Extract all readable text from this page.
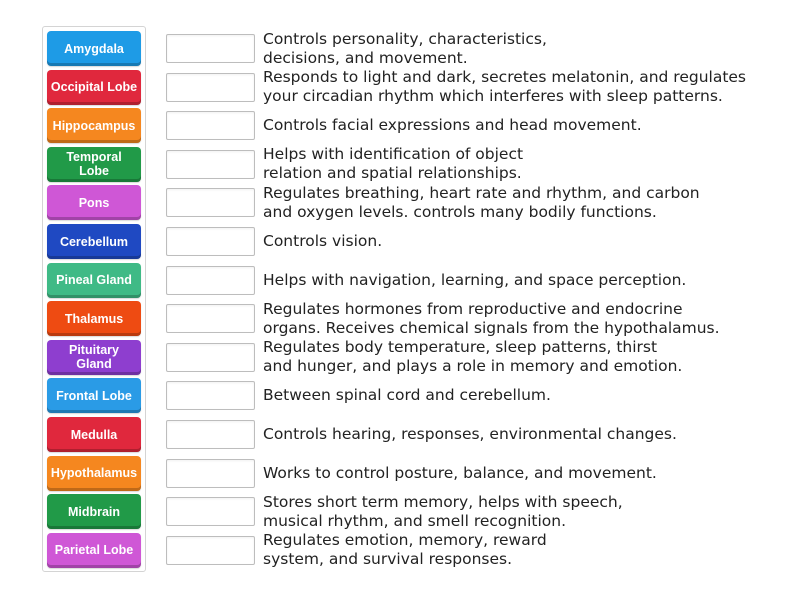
Amygdala
Occipital Lobe
Hippocampus
Temporal Lobe
Pons
Cerebellum
Pineal Gland
Thalamus
Pituitary Gland
Frontal Lobe
Medulla
Hypothalamus
Midbrain
Parietal Lobe
Controls personality, characteristics,
decisions, and movement.
Responds to light and dark, secretes melatonin, and regulates
your circadian rhythm which interferes with sleep patterns.
Controls facial expressions and head movement.
Helps with identification of object
relation and spatial relationships.
Regulates breathing, heart rate and rhythm, and carbon
and oxygen levels. controls many bodily functions.
Controls vision.
Helps with navigation, learning, and space perception.
Regulates hormones from reproductive and endocrine
organs. Receives chemical signals from the hypothalamus.
Regulates body temperature, sleep patterns, thirst
and hunger, and plays a role in memory and emotion.
Between spinal cord and cerebellum.
Controls hearing, responses, environmental changes.
Works to control posture, balance, and movement.
Stores short term memory, helps with speech,
musical rhythm, and smell recognition.
Regulates emotion, memory, reward
system, and survival responses.
